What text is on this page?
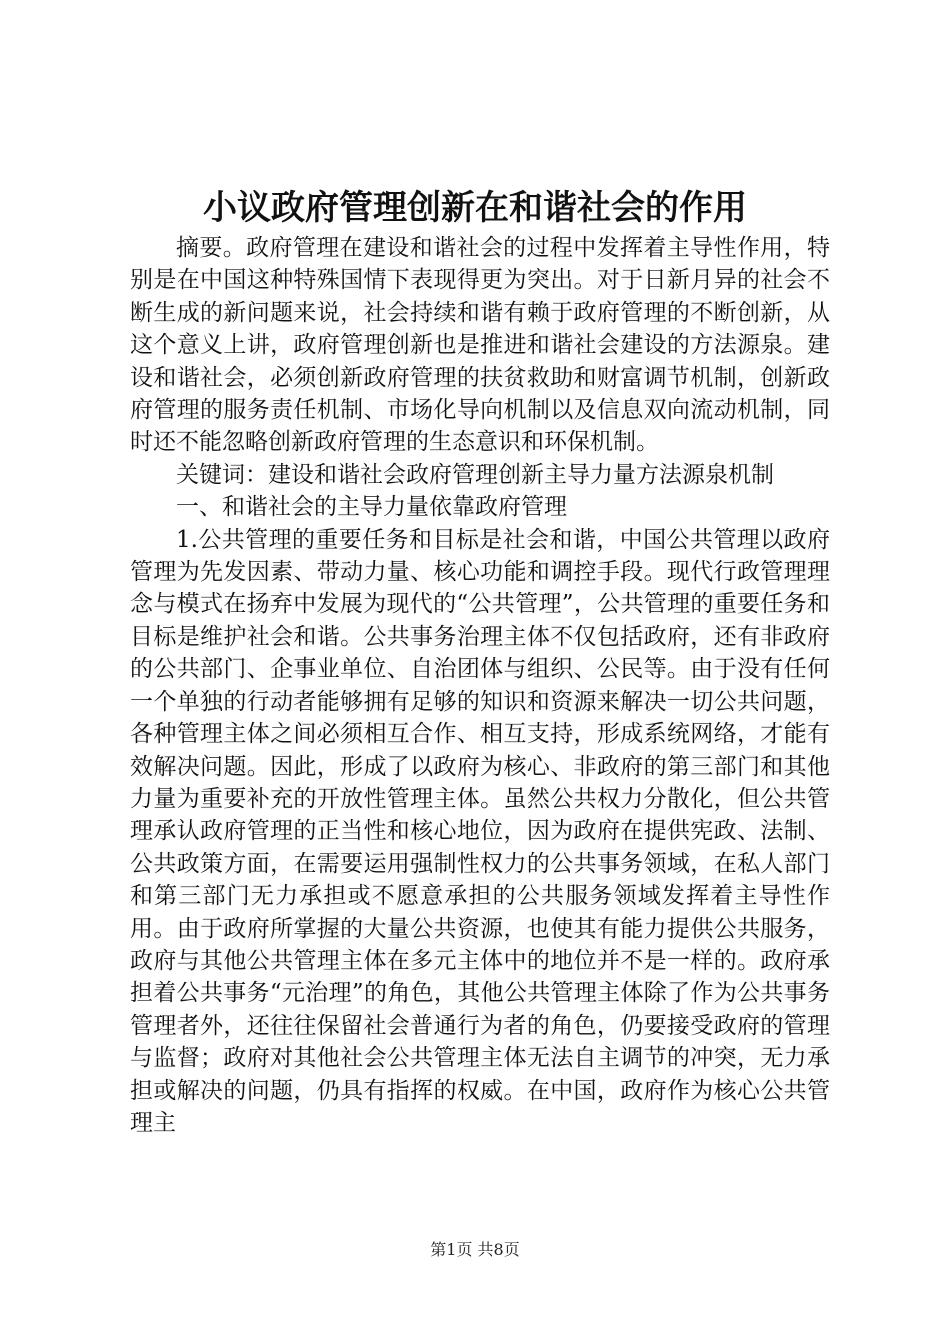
小议政府管理创新在和谐社会的作用

摘要。政府管理在建设和谐社会的过程中发挥着主导性作用，特别是在中国这种特殊国情下表现得更为突出。对于日新月异的社会不断生成的新问题来说，社会持续和谐有赖于政府管理的不断创新，从这个意义上讲，政府管理创新也是推进和谐社会建设的方法源泉。建设和谐社会，必须创新政府管理的扶贫救助和财富调节机制，创新政府管理的服务责任机制、市场化导向机制以及信息双向流动机制，同时还不能忽略创新政府管理的生态意识和环保机制。

关键词：建设和谐社会政府管理创新主导力量方法源泉机制

一、和谐社会的主导力量依靠政府管理

1.公共管理的重要任务和目标是社会和谐，中国公共管理以政府管理为先发因素、带动力量、核心功能和调控手段。现代行政管理理念与模式在扬弃中发展为现代的“公共管理”，公共管理的重要任务和目标是维护社会和谐。公共事务治理主体不仅包括政府，还有非政府的公共部门、企事业单位、自治团体与组织、公民等。由于没有任何一个单独的行动者能够拥有足够的知识和资源来解决一切公共问题，各种管理主体之间必须相互合作、相互支持，形成系统网络，才能有效解决问题。因此，形成了以政府为核心、非政府的第三部门和其他力量为重要补充的开放性管理主体。虽然公共权力分散化，但公共管理承认政府管理的正当性和核心地位，因为政府在提供宪政、法制、公共政策方面，在需要运用强制性权力的公共事务领域，在私人部门和第三部门无力承担或不愿意承担的公共服务领域发挥着主导性作用。由于政府所掌握的大量公共资源，也使其有能力提供公共服务，政府与其他公共管理主体在多元主体中的地位并不是一样的。政府承担着公共事务“元治理”的角色，其他公共管理主体除了作为公共事务管理者外，还往往保留社会普通行为者的角色，仍要接受政府的管理与监督；政府对其他社会公共管理主体无法自主调节的冲突，无力承担或解决的问题，仍具有指挥的权威。在中国，政府作为核心公共管理主

第1页 共8页
